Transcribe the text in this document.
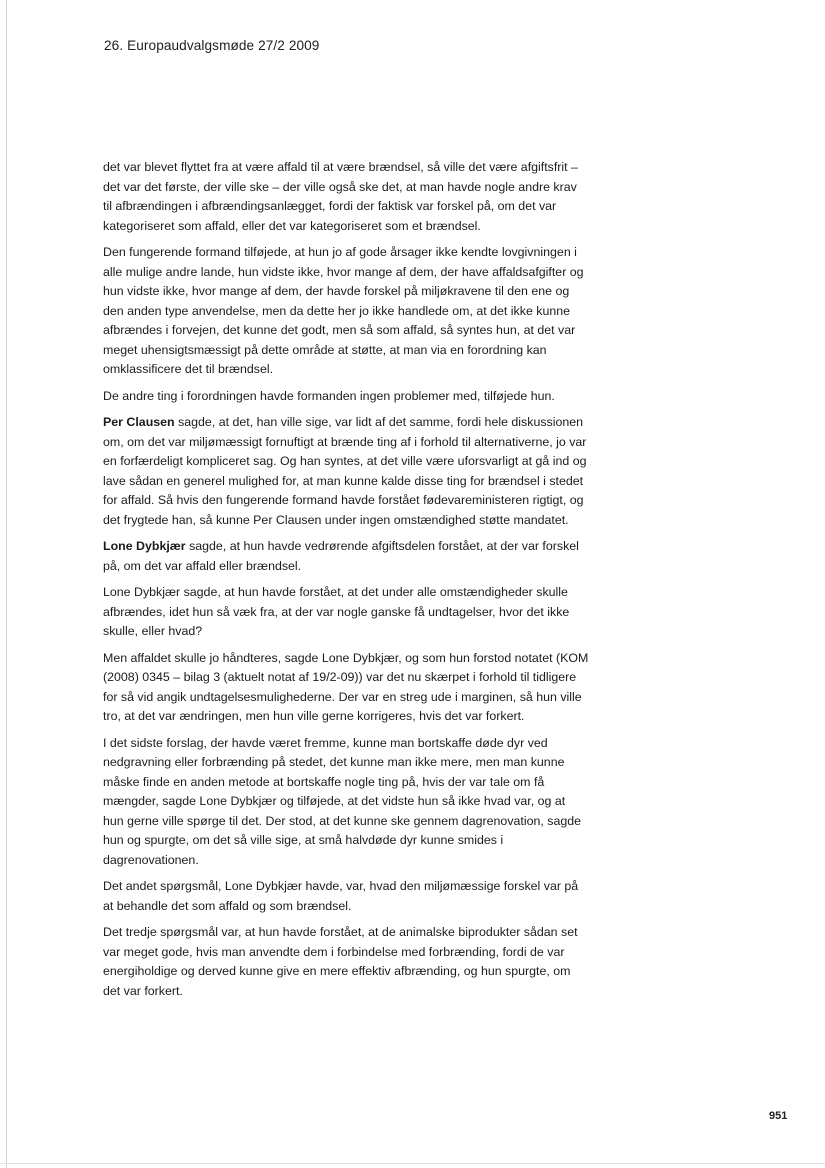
26. Europaudvalgsmøde 27/2 2009

det var blevet flyttet fra at være affald til at være brændsel, så ville det være afgiftsfrit – det var det første, der ville ske – der ville også ske det, at man havde nogle andre krav til afbrændingen i afbrændingsanlægget, fordi der faktisk var forskel på, om det var kategoriseret som affald, eller det var kategoriseret som et brændsel.

Den fungerende formand tilføjede, at hun jo af gode årsager ikke kendte lovgivningen i alle mulige andre lande, hun vidste ikke, hvor mange af dem, der have affaldsafgifter og hun vidste ikke, hvor mange af dem, der havde forskel på miljøkravene til den ene og den anden type anvendelse, men da dette her jo ikke handlede om, at det ikke kunne afbrændes i forvejen, det kunne det godt, men så som affald, så syntes hun, at det var meget uhensigtsmæssigt på dette område at støtte, at man via en forordning kan omklassificere det til brændsel.

De andre ting i forordningen havde formanden ingen problemer med, tilføjede hun.

Per Clausen sagde, at det, han ville sige, var lidt af det samme, fordi hele diskussionen om, om det var miljømæssigt fornuftigt at brænde ting af i forhold til alternativerne, jo var en forfærdeligt kompliceret sag. Og han syntes, at det ville være uforsvarligt at gå ind og lave sådan en generel mulighed for, at man kunne kalde disse ting for brændsel i stedet for affald. Så hvis den fungerende formand havde forstået fødevareministeren rigtigt, og det frygtede han, så kunne Per Clausen under ingen omstændighed støtte mandatet.

Lone Dybkjær sagde, at hun havde vedrørende afgiftsdelen forstået, at der var forskel på, om det var affald eller brændsel.

Lone Dybkjær sagde, at hun havde forstået, at det under alle omstændigheder skulle afbrændes, idet hun så væk fra, at der var nogle ganske få undtagelser, hvor det ikke skulle, eller hvad?

Men affaldet skulle jo håndteres, sagde Lone Dybkjær, og som hun forstod notatet (KOM (2008) 0345 – bilag 3 (aktuelt notat af 19/2-09)) var det nu skærpet i forhold til tidligere for så vid angik undtagelsesmulighederne. Der var en streg ude i marginen, så hun ville tro, at det var ændringen, men hun ville gerne korrigeres, hvis det var forkert.

I det sidste forslag, der havde været fremme, kunne man bortskaffe døde dyr ved nedgravning eller forbrænding på stedet, det kunne man ikke mere, men man kunne måske finde en anden metode at bortskaffe nogle ting på, hvis der var tale om få mængder, sagde Lone Dybkjær og tilføjede, at det vidste hun så ikke hvad var, og at hun gerne ville spørge til det. Der stod, at det kunne ske gennem dagrenovation, sagde hun og spurgte, om det så ville sige, at små halvdøde dyr kunne smides i dagrenovationen.

Det andet spørgsmål, Lone Dybkjær havde, var, hvad den miljømæssige forskel var på at behandle det som affald og som brændsel.

Det tredje spørgsmål var, at hun havde forstået, at de animalske biprodukter sådan set var meget gode, hvis man anvendte dem i forbindelse med forbrænding, fordi de var energiholdige og derved kunne give en mere effektiv afbrænding, og hun spurgte, om det var forkert.

951
